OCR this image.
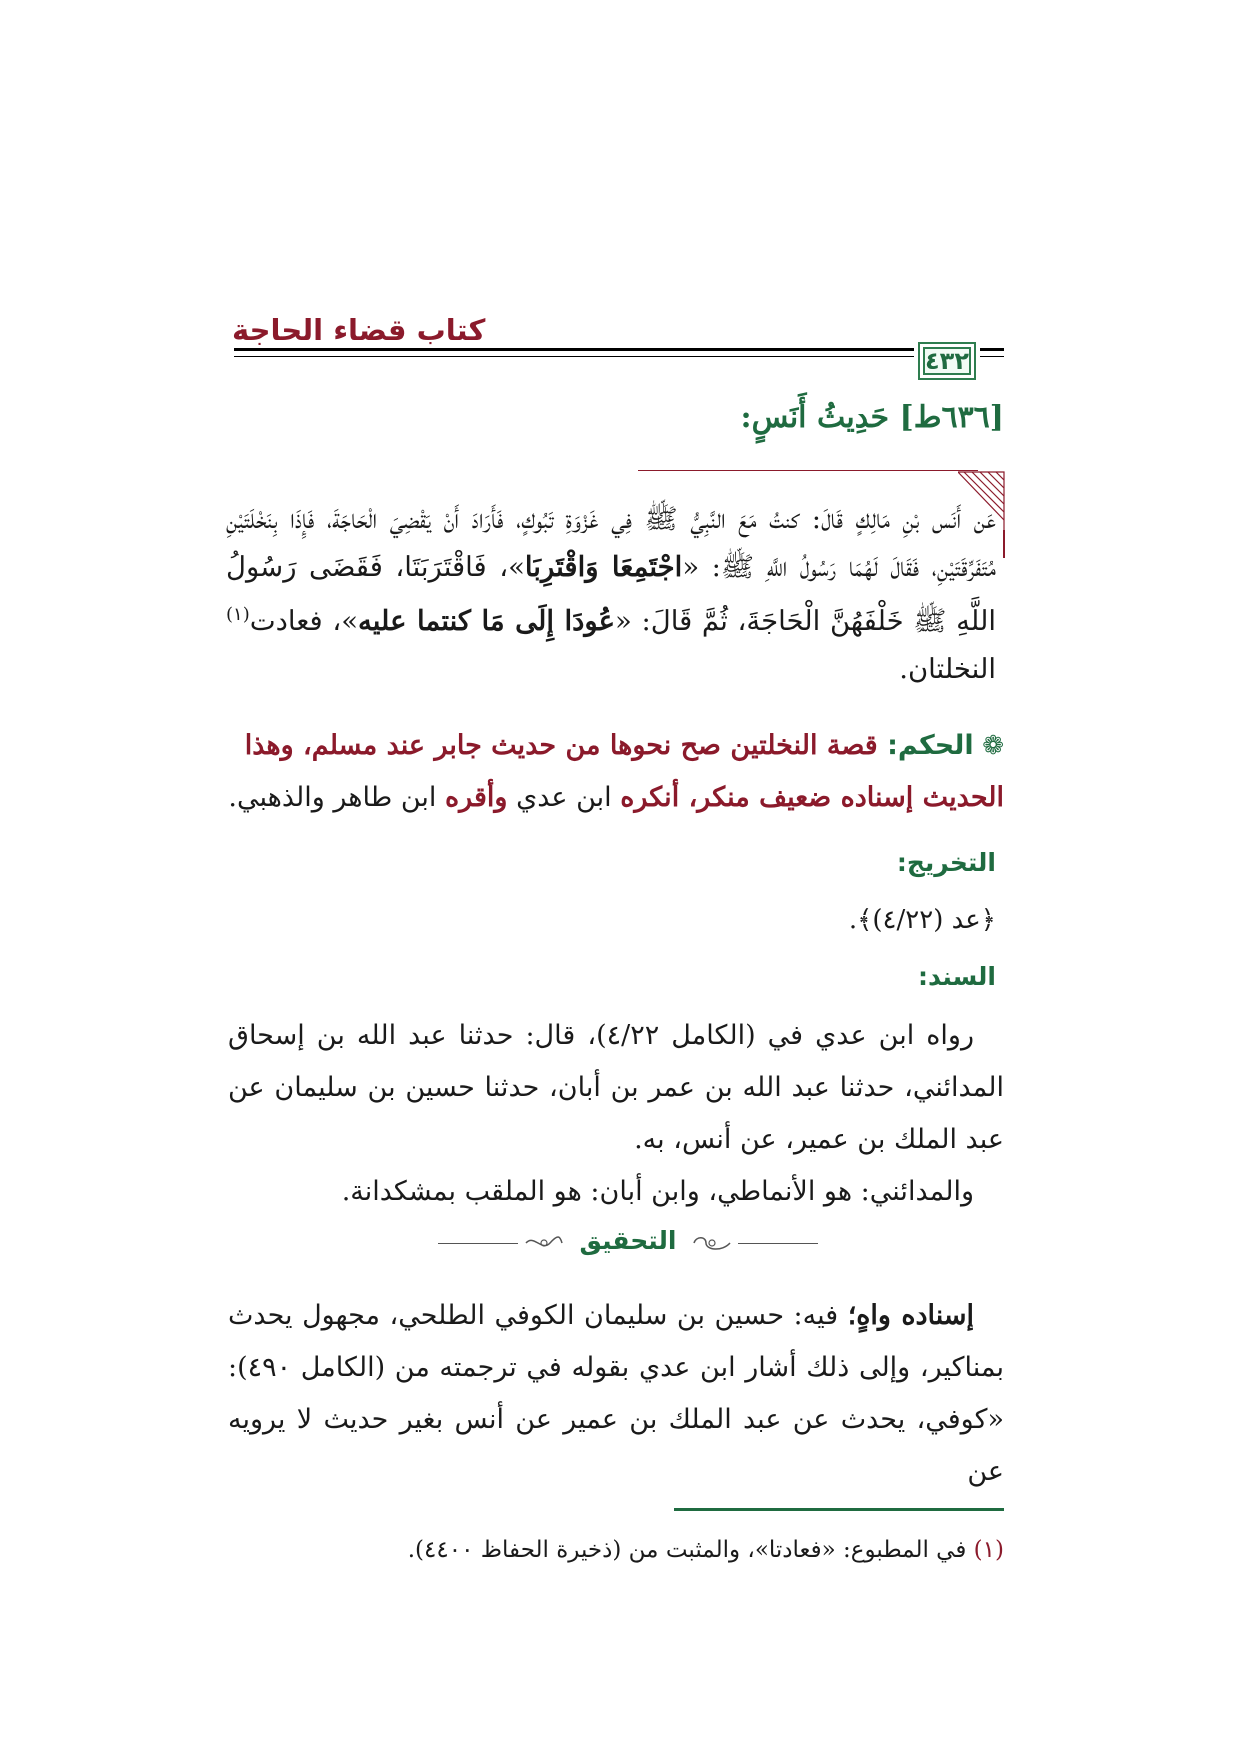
كتاب قضاء الحاجة
٤٣٢
[٦٣٦ط] حَدِيثُ أَنَسٍ:
عَن أَنَس بْنِ مَالِكٍ قَالَ: كنتُ مَعَ النَّبِيُّ ﷺ فِي غَزْوَةِ تَبُوكٍ، فَأَرَادَ أَنْ يَقْضِيَ الْحَاجَةَ، فَإِذَا بِنَخْلَتَيْنِ مُتَفَرِّقَتَيْنِ، فَقَالَ لَهُمَا رَسُولُ اللَّهِ ﷺ: «اجْتَمِعَا وَاقْتَرِبَا»، فَاقْتَرَبَتَا، فَقَضَى رَسُولُ اللَّهِ ﷺ خَلْفَهُنَّ الْحَاجَةَ، ثُمَّ قَالَ: «عُودَا إِلَى مَا كنتما عليه»، فعادت$^{(١)}$ النخلتان.
❁ الحكم: قصة النخلتين صح نحوها من حديث جابر عند مسلم، وهذا الحديث إسناده ضعيف منكر، أنكره ابن عدي وأقره ابن طاهر والذهبي.
التخريج:
﴿عد (٤/٢٢)﴾.
السند:
رواه ابن عدي في (الكامل ٤/٢٢)، قال: حدثنا عبد الله بن إسحاق المدائني، حدثنا عبد الله بن عمر بن أبان، حدثنا حسين بن سليمان عن عبد الملك بن عمير، عن أنس، به.
والمدائني: هو الأنماطي، وابن أبان: هو الملقب بمشكدانة.
التحقيق
إسناده واهٍ؛ فيه: حسين بن سليمان الكوفي الطلحي، مجهول يحدث بمناكير، وإلى ذلك أشار ابن عدي بقوله في ترجمته من (الكامل ٤٩٠): «كوفي، يحدث عن عبد الملك بن عمير عن أنس بغير حديث لا يرويه عن
(١) في المطبوع: «فعادتا»، والمثبت من (ذخيرة الحفاظ ٤٤٠٠).
